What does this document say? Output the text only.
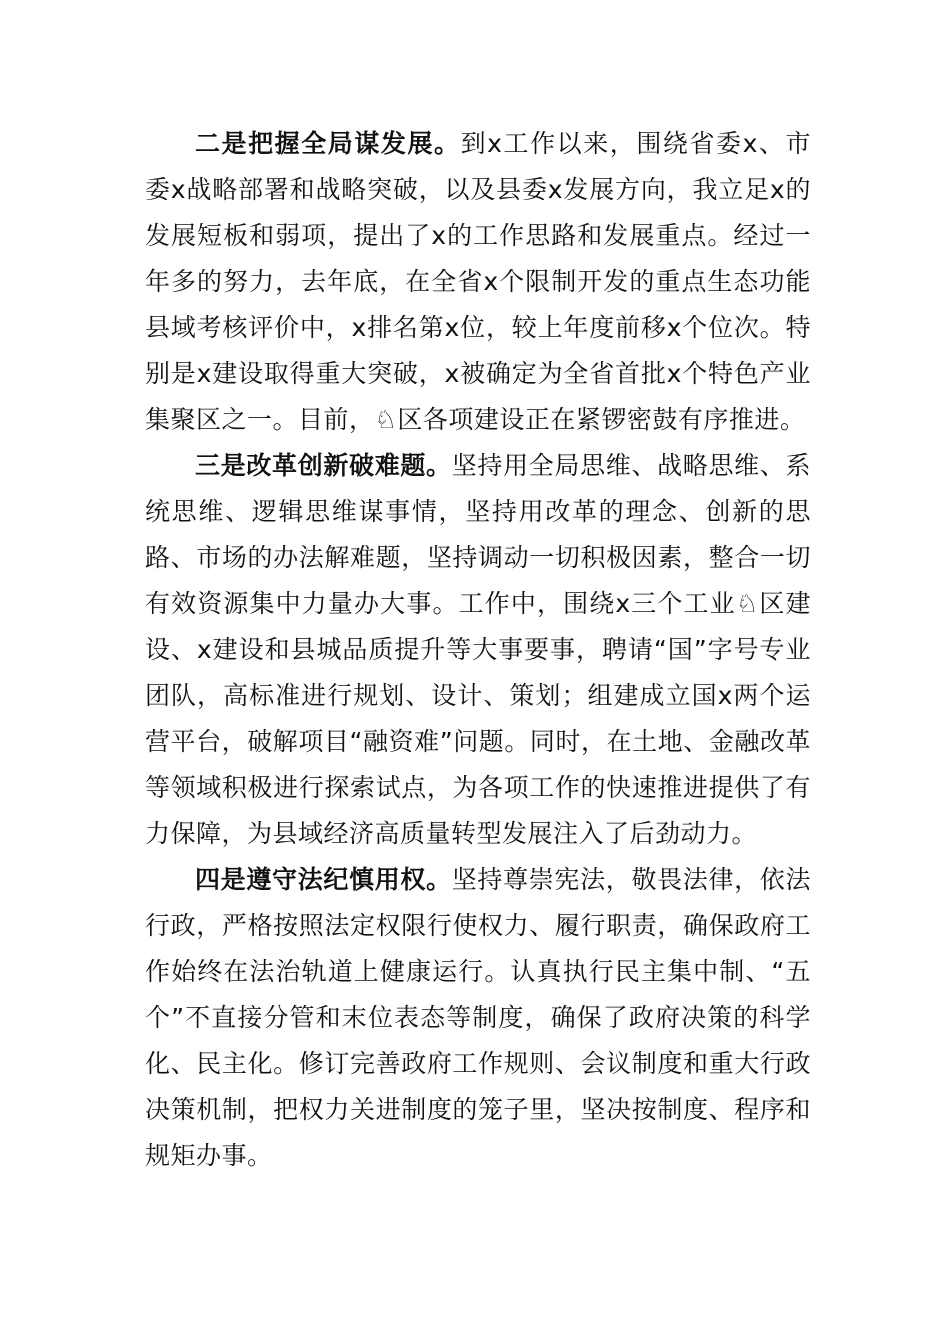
二是把握全局谋发展。到x工作以来，围绕省委x、市委x战略部署和战略突破，以及县委x发展方向，我立足x的发展短板和弱项，提出了x的工作思路和发展重点。经过一年多的努力，去年底，在全省x个限制开发的重点生态功能县域考核评价中，x排名第x位，较上年度前移x个位次。特别是x建设取得重大突破，x被确定为全省首批x个特色产业集聚区之一。目前，♘区各项建设正在紧锣密鼓有序推进。

三是改革创新破难题。坚持用全局思维、战略思维、系统思维、逻辑思维谋事情，坚持用改革的理念、创新的思路、市场的办法解难题，坚持调动一切积极因素，整合一切有效资源集中力量办大事。工作中，围绕x三个工业♘区建设、x建设和县城品质提升等大事要事，聘请“国”字号专业团队，高标准进行规划、设计、策划；组建成立国x两个运营平台，破解项目“融资难”问题。同时，在土地、金融改革等领域积极进行探索试点，为各项工作的快速推进提供了有力保障，为县域经济高质量转型发展注入了后劲动力。

四是遵守法纪慎用权。坚持尊崇宪法，敬畏法律，依法行政，严格按照法定权限行使权力、履行职责，确保政府工作始终在法治轨道上健康运行。认真执行民主集中制、“五个”不直接分管和末位表态等制度，确保了政府决策的科学化、民主化。修订完善政府工作规则、会议制度和重大行政决策机制，把权力关进制度的笼子里，坚决按制度、程序和规矩办事。
